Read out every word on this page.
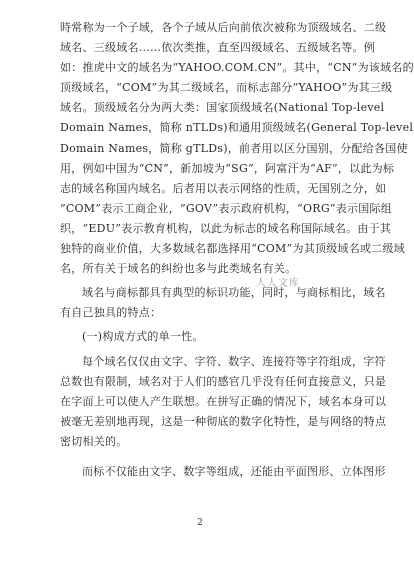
時常称为一个子域，各个子域从后向前依次被称为顶级域名、二级
域名、三级域名……依次类推，直至四级域名、五级域名等。例
如：推虎中文的域名为“YAHOO.COM.CN”。其中，“CN”为该域名的
顶级域名，“COM”为其二级域名，而标志部分“YAHOO”为其三级
域名。顶级域名分为两大类：国家顶级域名(National Top-level
Domain Names，简称 nTLDs)和通用顶级域名(General Top-level
Domain Names，简称 gTLDs)，前者用以区分国别，分配给各国使
用，例如中国为“CN”，新加坡为“SG”，阿富汗为“AF”，以此为标
志的域名称国内域名。后者用以表示网络的性质，无国别之分，如
“COM”表示工商企业，“GOV”表示政府机构，“ORG”表示国际组
织，“EDU”表示教育机构，以此为标志的域名称国际域名。由于其
独特的商业价值，大多数域名都选择用“COM”为其顶级域名或二级域
名，所有关于域名的纠纷也多与此类域名有关。
域名与商标都具有典型的标识功能，同时，与商标相比，域名
有自己独具的特点：
(一)构成方式的单一性。
每个域名仅仅由文字、字符、数字、连接符等字符组成，字符
总数也有限制，域名对于人们的感官几乎没有任何直接意义，只是
在字面上可以使人产生联想。在拼写正确的情况下，域名本身可以
被毫无差别地再现，这是一种彻底的数字化特性，是与网络的特点
密切相关的。
而标不仅能由文字、数字等组成，还能由平面图形、立体图形
人人文库
2
